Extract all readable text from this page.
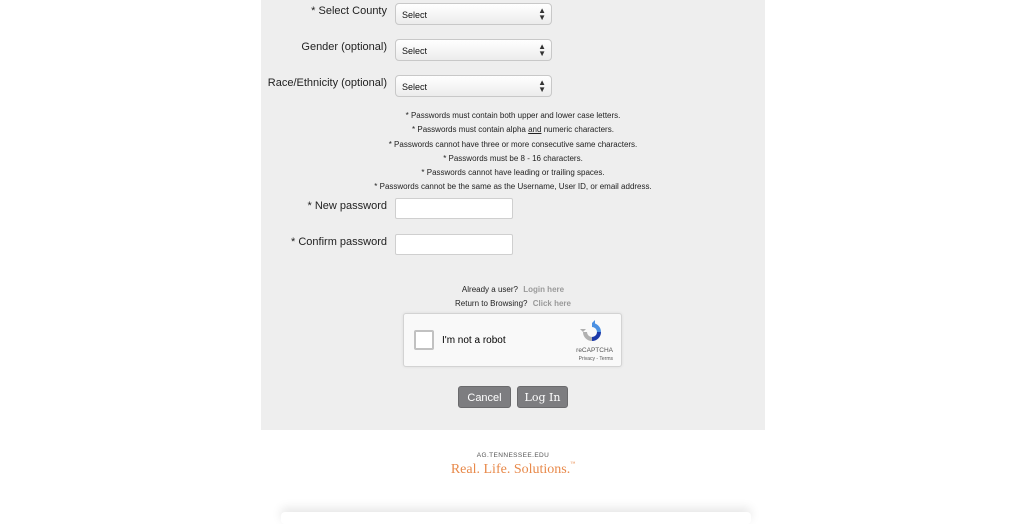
* Select County Select	▲
▼
Gender (optional) Select	▲
▼
Race/Ethnicity (optional) Select	▲
▼
* Passwords must contain both upper and lower case letters.
* Passwords must contain alpha and numeric characters.
* Passwords cannot have three or more consecutive same characters.
* Passwords must be 8 - 16 characters.
* Passwords cannot have leading or trailing spaces.
* Passwords cannot be the same as the Username, User ID, or email address.
* New password
* Confirm password
Already a user? Login here
Return to Browsing? Click here
I'm not a robot
reCAPTCHA
Privacy - Terms
Cancel	Log In
AG.TENNESSEE.EDU
Real. Life. Solutions.™
